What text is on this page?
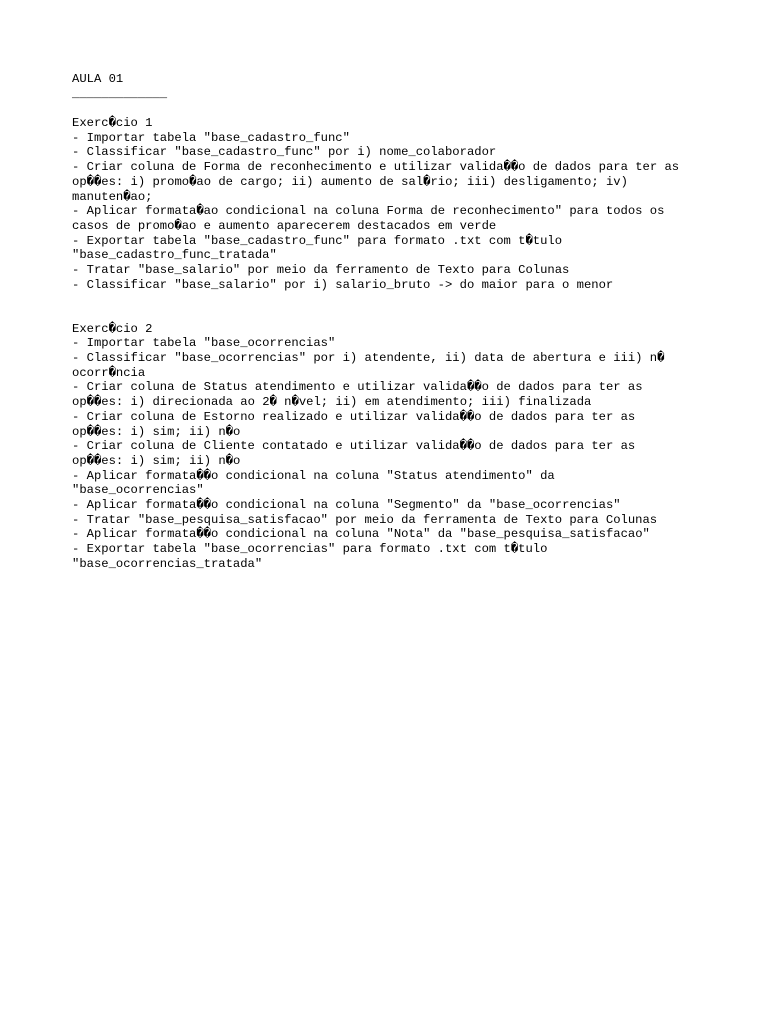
AULA 01
_____________
Exerc�cio 1
- Importar tabela "base_cadastro_func"
- Classificar "base_cadastro_func" por i) nome_colaborador
- Criar coluna de Forma de reconhecimento e utilizar valida��o de dados para ter as
op��es: i) promo�ao de cargo; ii) aumento de sal�rio; iii) desligamento; iv)
manuten�ao;
- Aplicar formata�ao condicional na coluna Forma de reconhecimento" para todos os
casos de promo�ao e aumento aparecerem destacados em verde
- Exportar tabela "base_cadastro_func" para formato .txt com t�tulo
"base_cadastro_func_tratada"
- Tratar "base_salario" por meio da ferramento de Texto para Colunas
- Classificar "base_salario" por i) salario_bruto -> do maior para o menor
Exerc�cio 2
- Importar tabela "base_ocorrencias"
- Classificar "base_ocorrencias" por i) atendente, ii) data de abertura e iii) n�
ocorr�ncia
- Criar coluna de Status atendimento e utilizar valida��o de dados para ter as
op��es: i) direcionada ao 2� n�vel; ii) em atendimento; iii) finalizada
- Criar coluna de Estorno realizado e utilizar valida��o de dados para ter as
op��es: i) sim; ii) n�o
- Criar coluna de Cliente contatado e utilizar valida��o de dados para ter as
op��es: i) sim; ii) n�o
- Aplicar formata��o condicional na coluna "Status atendimento" da
"base_ocorrencias"
- Aplicar formata��o condicional na coluna "Segmento" da "base_ocorrencias"
- Tratar "base_pesquisa_satisfacao" por meio da ferramenta de Texto para Colunas
- Aplicar formata��o condicional na coluna "Nota" da "base_pesquisa_satisfacao"
- Exportar tabela "base_ocorrencias" para formato .txt com t�tulo
"base_ocorrencias_tratada"
